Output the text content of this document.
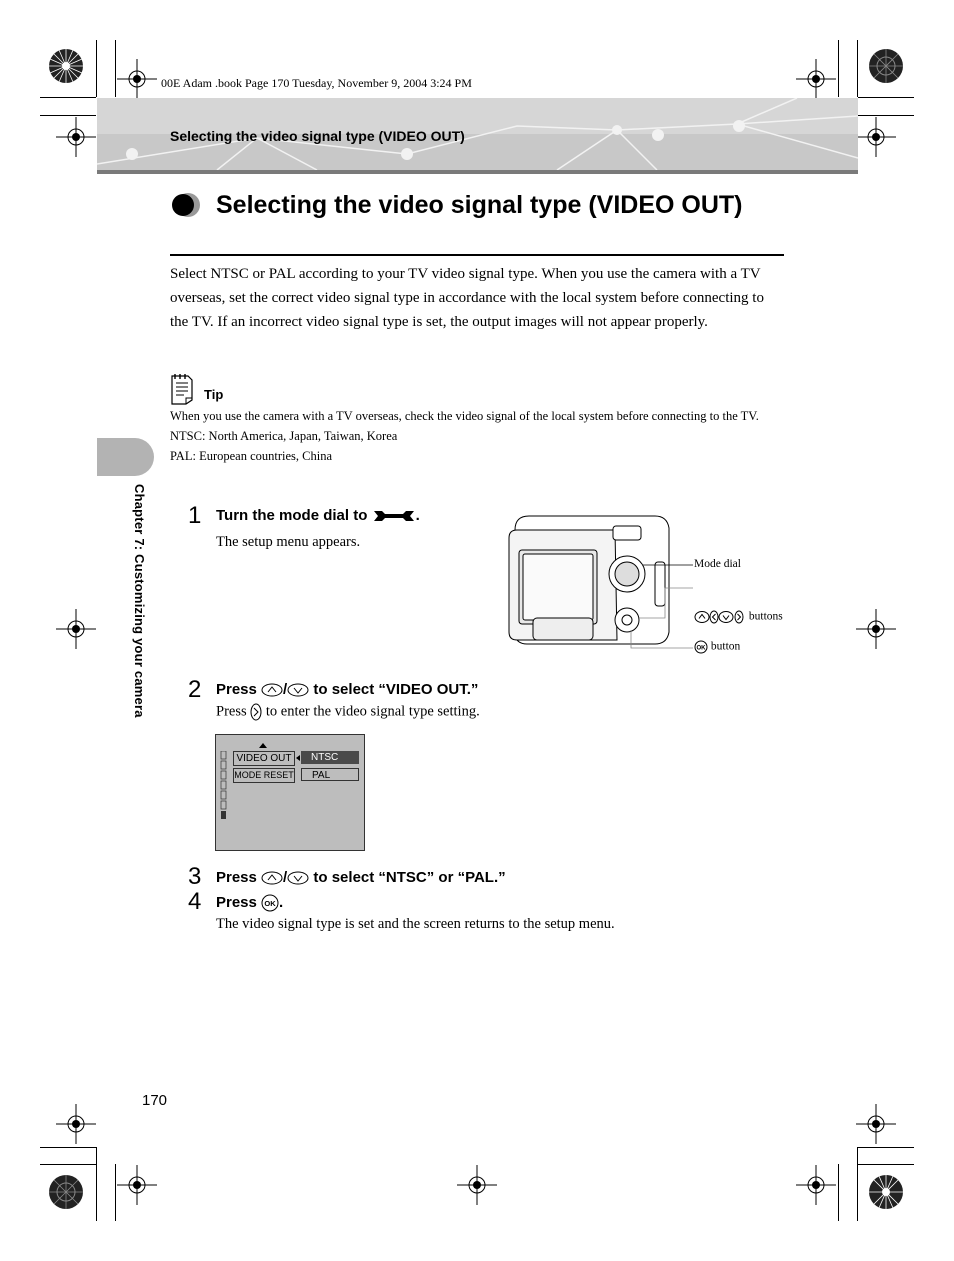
00E Adam .book Page 170 Tuesday, November 9, 2004 3:24 PM
Selecting the video signal type (VIDEO OUT)
Selecting the video signal type (VIDEO OUT)
Select NTSC or PAL according to your TV video signal type. When you use the camera with a TV overseas, set the correct video signal type in accordance with the local system before connecting to the TV. If an incorrect video signal type is set, the output images will not appear properly.
Tip
When you use the camera with a TV overseas, check the video signal of the local system before connecting to the TV.
NTSC: North America, Japan, Taiwan, Korea
PAL: European countries, China
Chapter 7: Customizing your camera 1 Turn the mode dial to	.
The setup menu appears.
Mode dial
buttons
OK button
2 Press / to select “VIDEO OUT.”
Press to enter the video signal type setting.
VIDEO OUT
MODE RESET
NTSC
PAL
3 Press / to select “NTSC” or “PAL.”
4 Press OK .
The video signal type is set and the screen returns to the setup menu.
170
